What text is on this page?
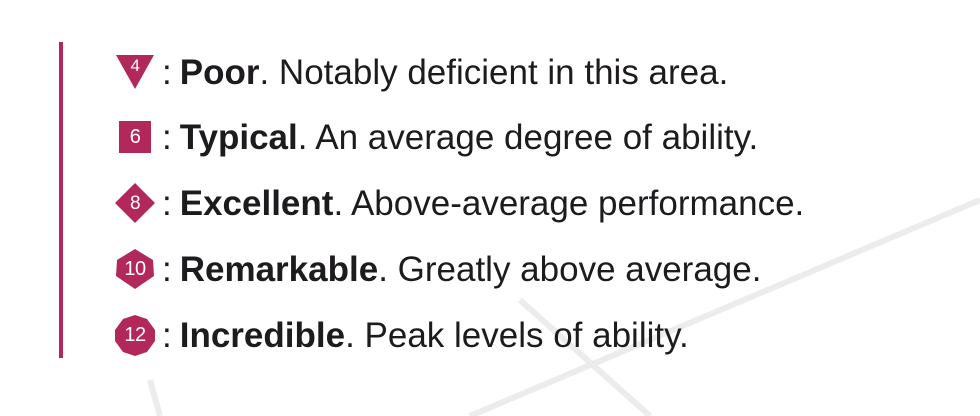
4 : Poor . Notably deficient in this area.
6 : Typical . An average degree of ability.
8 : Excellent . Above-average performance.
10 : Remarkable . Greatly above average.
12 : Incredible . Peak levels of ability.
